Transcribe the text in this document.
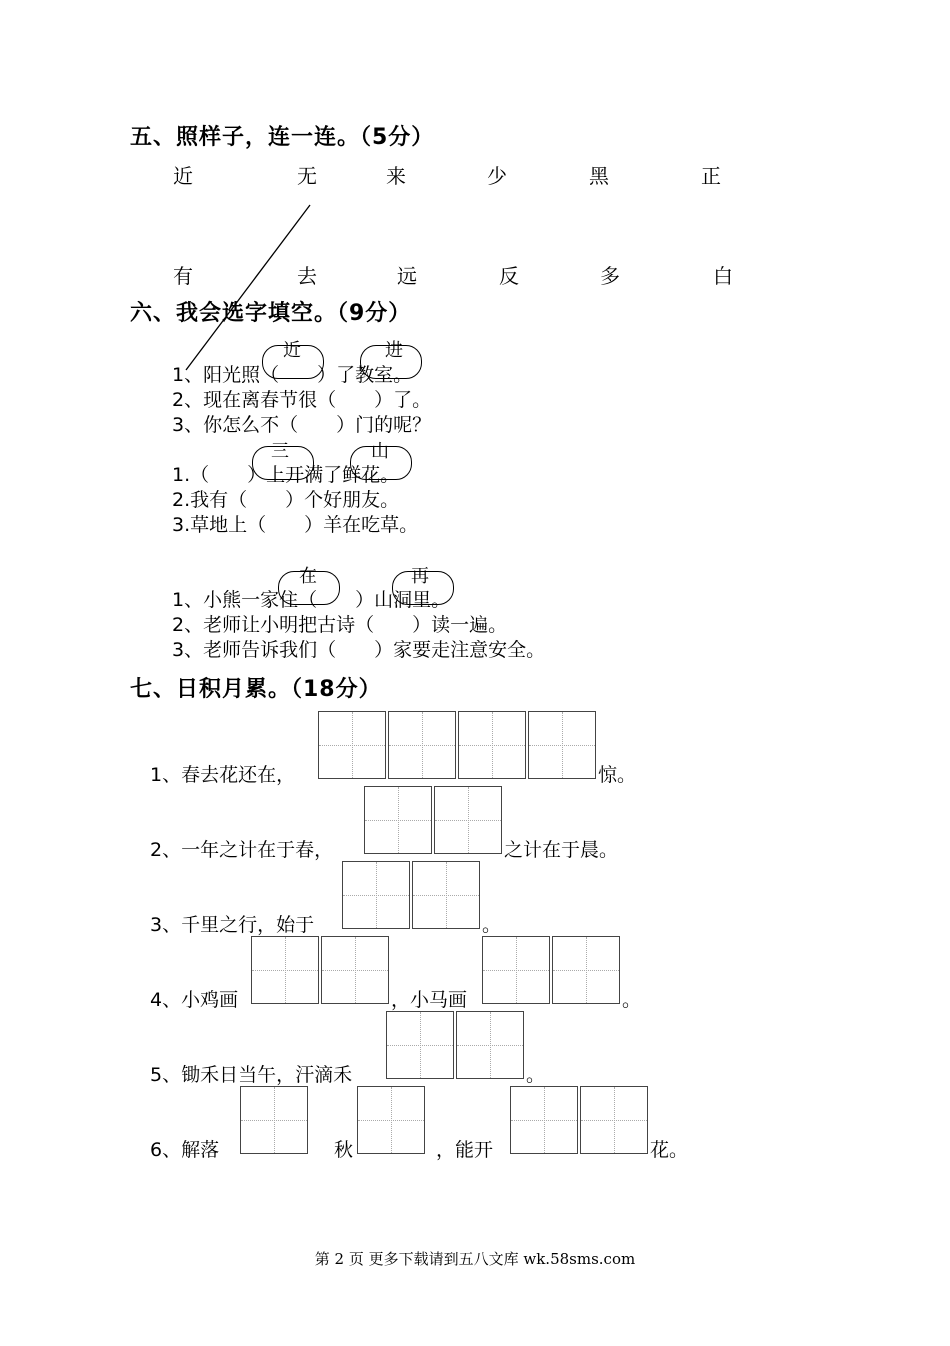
五、照样子，连一连。（5分）
近	无	来	少	黑	正
有	去	远	反	多	白
六、我会选字填空。（9分）
近	进
1、阳光照（　　）了教室。
2、现在离春节很（　　）了。
3、你怎么不（　　）门的呢？
三	山
1.（　　）上开满了鲜花。
2.我有（　　）个好朋友。
3.草地上（　　）羊在吃草。
在	再
1、小熊一家住（　　）山洞里。
2、老师让小明把古诗（　　）读一遍。
3、老师告诉我们（　　）家要走注意安全。
七、日积月累。（18分）
1、春去花还在，	惊。
2、一年之计在于春，	之计在于晨。
3、千里之行，始于	。
4、小鸡画	，小马画	。
5、锄禾日当午，汗滴禾	。
6、解落	秋	，能开	花。
第 2 页 更多下载请到五八文库 wk.58sms.com
